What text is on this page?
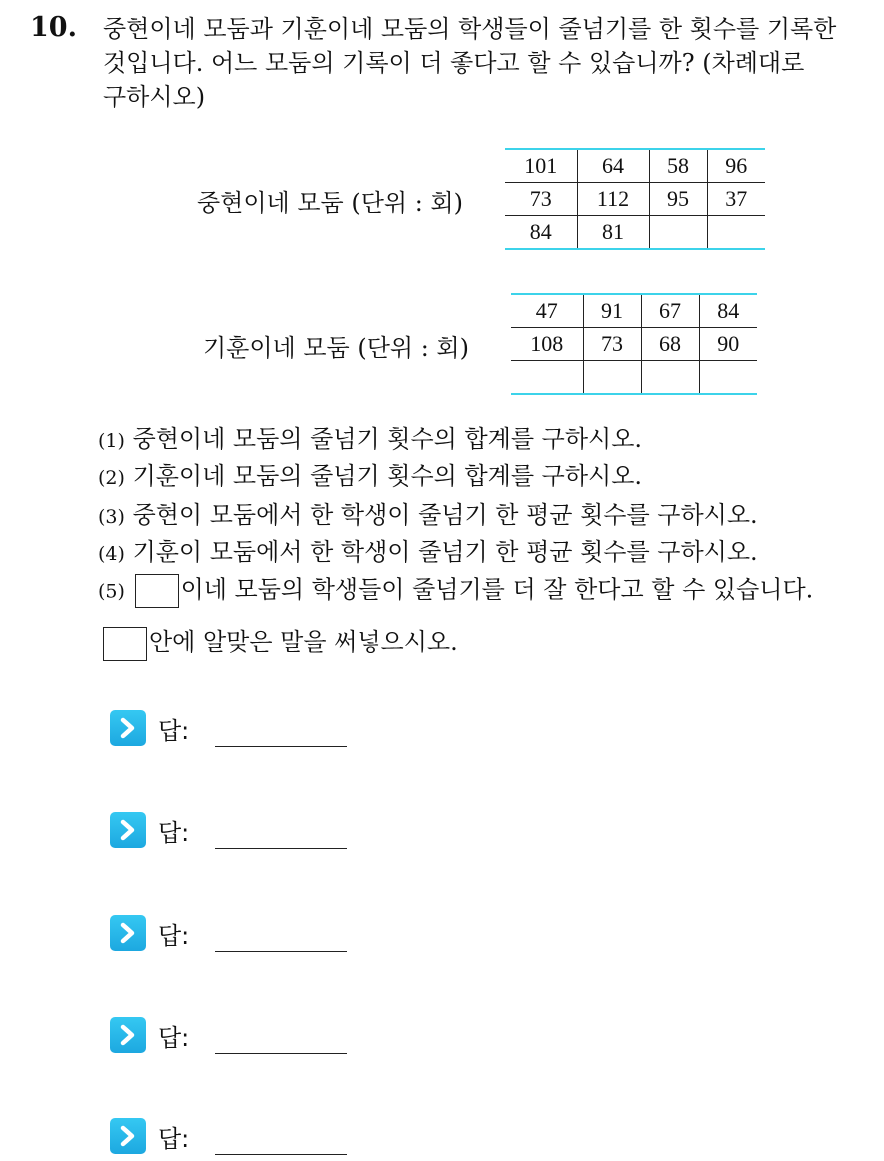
10. 중현이네 모둠과 기훈이네 모둠의 학생들이 줄넘기를 한 횟수를 기록한
것입니다. 어느 모둠의 기록이 더 좋다고 할 수 있습니까? (차례대로
구하시오)
중현이네 모둠 (단위 : 회)
101	64	58	96
73	112	95	37
84	81		
기훈이네 모둠 (단위 : 회)
47	91	67	84
108	73	68	90

(1) 중현이네 모둠의 줄넘기 횟수의 합계를 구하시오.
(2) 기훈이네 모둠의 줄넘기 횟수의 합계를 구하시오.
(3) 중현이 모둠에서 한 학생이 줄넘기 한 평균 횟수를 구하시오.
(4) 기훈이 모둠에서 한 학생이 줄넘기 한 평균 횟수를 구하시오.
(5) 이네 모둠의 학생들이 줄넘기를 더 잘 한다고 할 수 있습니다.
안에 알맞은 말을 써넣으시오.
답:
답:
답:
답:
답:
